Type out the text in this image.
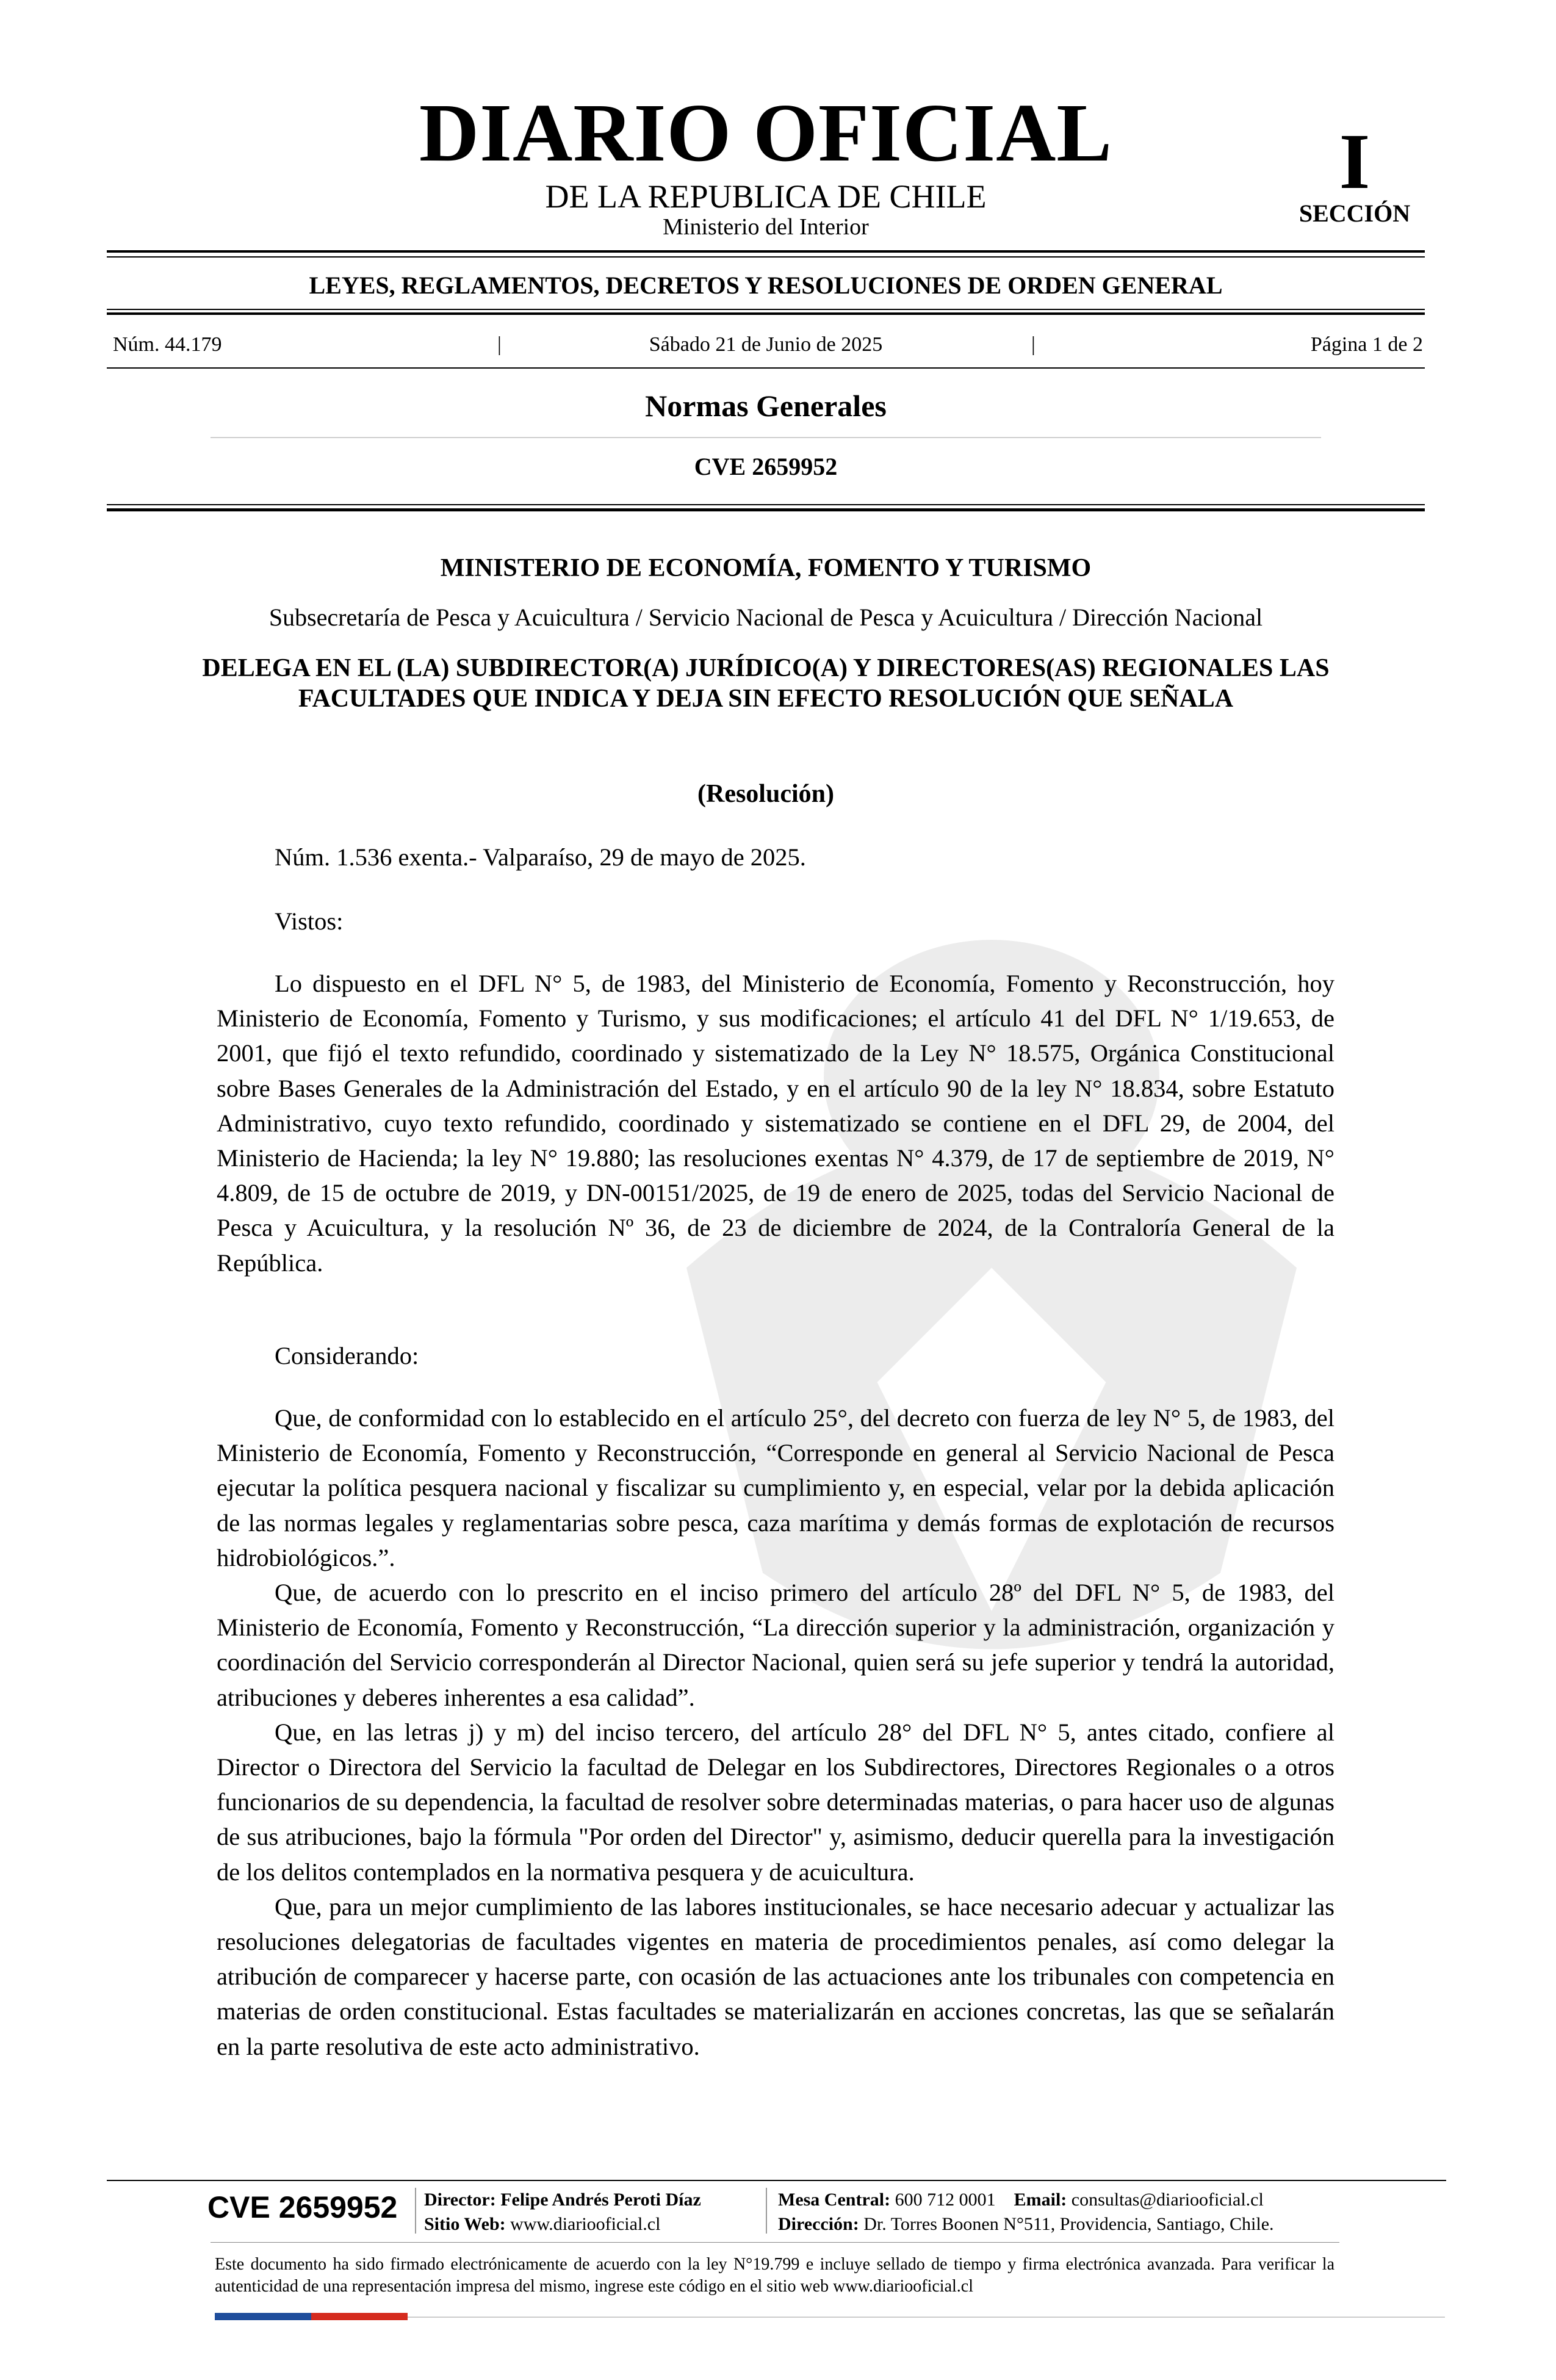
DIARIO OFICIAL
DE LA REPUBLICA DE CHILE
Ministerio del Interior
I
SECCIÓN
LEYES, REGLAMENTOS, DECRETOS Y RESOLUCIONES DE ORDEN GENERAL
Núm. 44.179	|	Sábado 21 de Junio de 2025	|	Página 1 de 2
Normas Generales
CVE 2659952
MINISTERIO DE ECONOMÍA, FOMENTO Y TURISMO
Subsecretaría de Pesca y Acuicultura / Servicio Nacional de Pesca y Acuicultura / Dirección Nacional
DELEGA EN EL (LA) SUBDIRECTOR(A) JURÍDICO(A) Y DIRECTORES(AS) REGIONALES LAS FACULTADES QUE INDICA Y DEJA SIN EFECTO RESOLUCIÓN QUE SEÑALA
(Resolución)
Núm. 1.536 exenta.- Valparaíso, 29 de mayo de 2025.
Vistos:

Lo dispuesto en el DFL N° 5, de 1983, del Ministerio de Economía, Fomento y Reconstrucción, hoy Ministerio de Economía, Fomento y Turismo, y sus modificaciones; el artículo 41 del DFL N° 1/19.653, de 2001, que fijó el texto refundido, coordinado y sistematizado de la Ley N° 18.575, Orgánica Constitucional sobre Bases Generales de la Administración del Estado, y en el artículo 90 de la ley N° 18.834, sobre Estatuto Administrativo, cuyo texto refundido, coordinado y sistematizado se contiene en el DFL 29, de 2004, del Ministerio de Hacienda; la ley N° 19.880; las resoluciones exentas N° 4.379, de 17 de septiembre de 2019, N° 4.809, de 15 de octubre de 2019, y DN-00151/2025, de 19 de enero de 2025, todas del Servicio Nacional de Pesca y Acuicultura, y la resolución Nº 36, de 23 de diciembre de 2024, de la Contraloría General de la República.

Considerando:

Que, de conformidad con lo establecido en el artículo 25°, del decreto con fuerza de ley N° 5, de 1983, del Ministerio de Economía, Fomento y Reconstrucción, “Corresponde en general al Servicio Nacional de Pesca ejecutar la política pesquera nacional y fiscalizar su cumplimiento y, en especial, velar por la debida aplicación de las normas legales y reglamentarias sobre pesca, caza marítima y demás formas de explotación de recursos hidrobiológicos.”.

Que, de acuerdo con lo prescrito en el inciso primero del artículo 28º del DFL N° 5, de 1983, del Ministerio de Economía, Fomento y Reconstrucción, “La dirección superior y la administración, organización y coordinación del Servicio corresponderán al Director Nacional, quien será su jefe superior y tendrá la autoridad, atribuciones y deberes inherentes a esa calidad”.

Que, en las letras j) y m) del inciso tercero, del artículo 28° del DFL N° 5, antes citado, confiere al Director o Directora del Servicio la facultad de Delegar en los Subdirectores, Directores Regionales o a otros funcionarios de su dependencia, la facultad de resolver sobre determinadas materias, o para hacer uso de algunas de sus atribuciones, bajo la fórmula "Por orden del Director" y, asimismo, deducir querella para la investigación de los delitos contemplados en la normativa pesquera y de acuicultura.

Que, para un mejor cumplimiento de las labores institucionales, se hace necesario adecuar y actualizar las resoluciones delegatorias de facultades vigentes en materia de procedimientos penales, así como delegar la atribución de comparecer y hacerse parte, con ocasión de las actuaciones ante los tribunales con competencia en materias de orden constitucional. Estas facultades se materializarán en acciones concretas, las que se señalarán en la parte resolutiva de este acto administrativo.

CVE 2659952 Director: Felipe Andrés Peroti Díaz
Sitio Web: www.diariooficial.cl
Mesa Central: 600 712 0001 Email: consultas@diariooficial.cl
Dirección: Dr. Torres Boonen N°511, Providencia, Santiago, Chile.
Este documento ha sido firmado electrónicamente de acuerdo con la ley N°19.799 e incluye sellado de tiempo y firma electrónica avanzada. Para verificar la autenticidad de una representación impresa del mismo, ingrese este código en el sitio web www.diariooficial.cl
